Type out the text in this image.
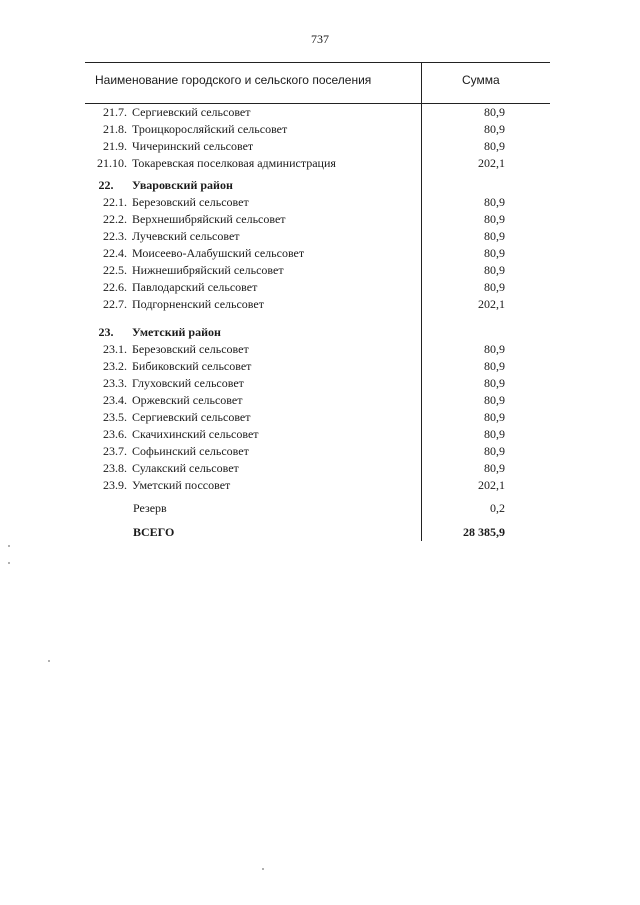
737
Наименование городского и сельского поселения	Сумма
21.7. Сергиевский сельсовет	80,9
21.8. Троицкоросляйский сельсовет	80,9
21.9. Чичеринский сельсовет	80,9
21.10. Токаревская поселковая администрация	202,1
22.	Уваровский район
22.1. Березовский сельсовет	80,9
22.2. Верхнешибряйский сельсовет	80,9
22.3. Лучевский сельсовет	80,9
22.4. Моисеево-Алабушский сельсовет	80,9
22.5. Нижнешибряйский сельсовет	80,9
22.6. Павлодарский сельсовет	80,9
22.7. Подгорненский сельсовет	202,1
23.	Уметский район
23.1. Березовский сельсовет	80,9
23.2. Бибиковский сельсовет	80,9
23.3. Глуховский сельсовет	80,9
23.4. Оржевский сельсовет	80,9
23.5. Сергиевский сельсовет	80,9
23.6. Скачихинский сельсовет	80,9
23.7. Софьинский сельсовет	80,9
23.8. Сулакский сельсовет	80,9
23.9. Уметский поссовет	202,1
Резерв	0,2
ВСЕГО	28 385,9
